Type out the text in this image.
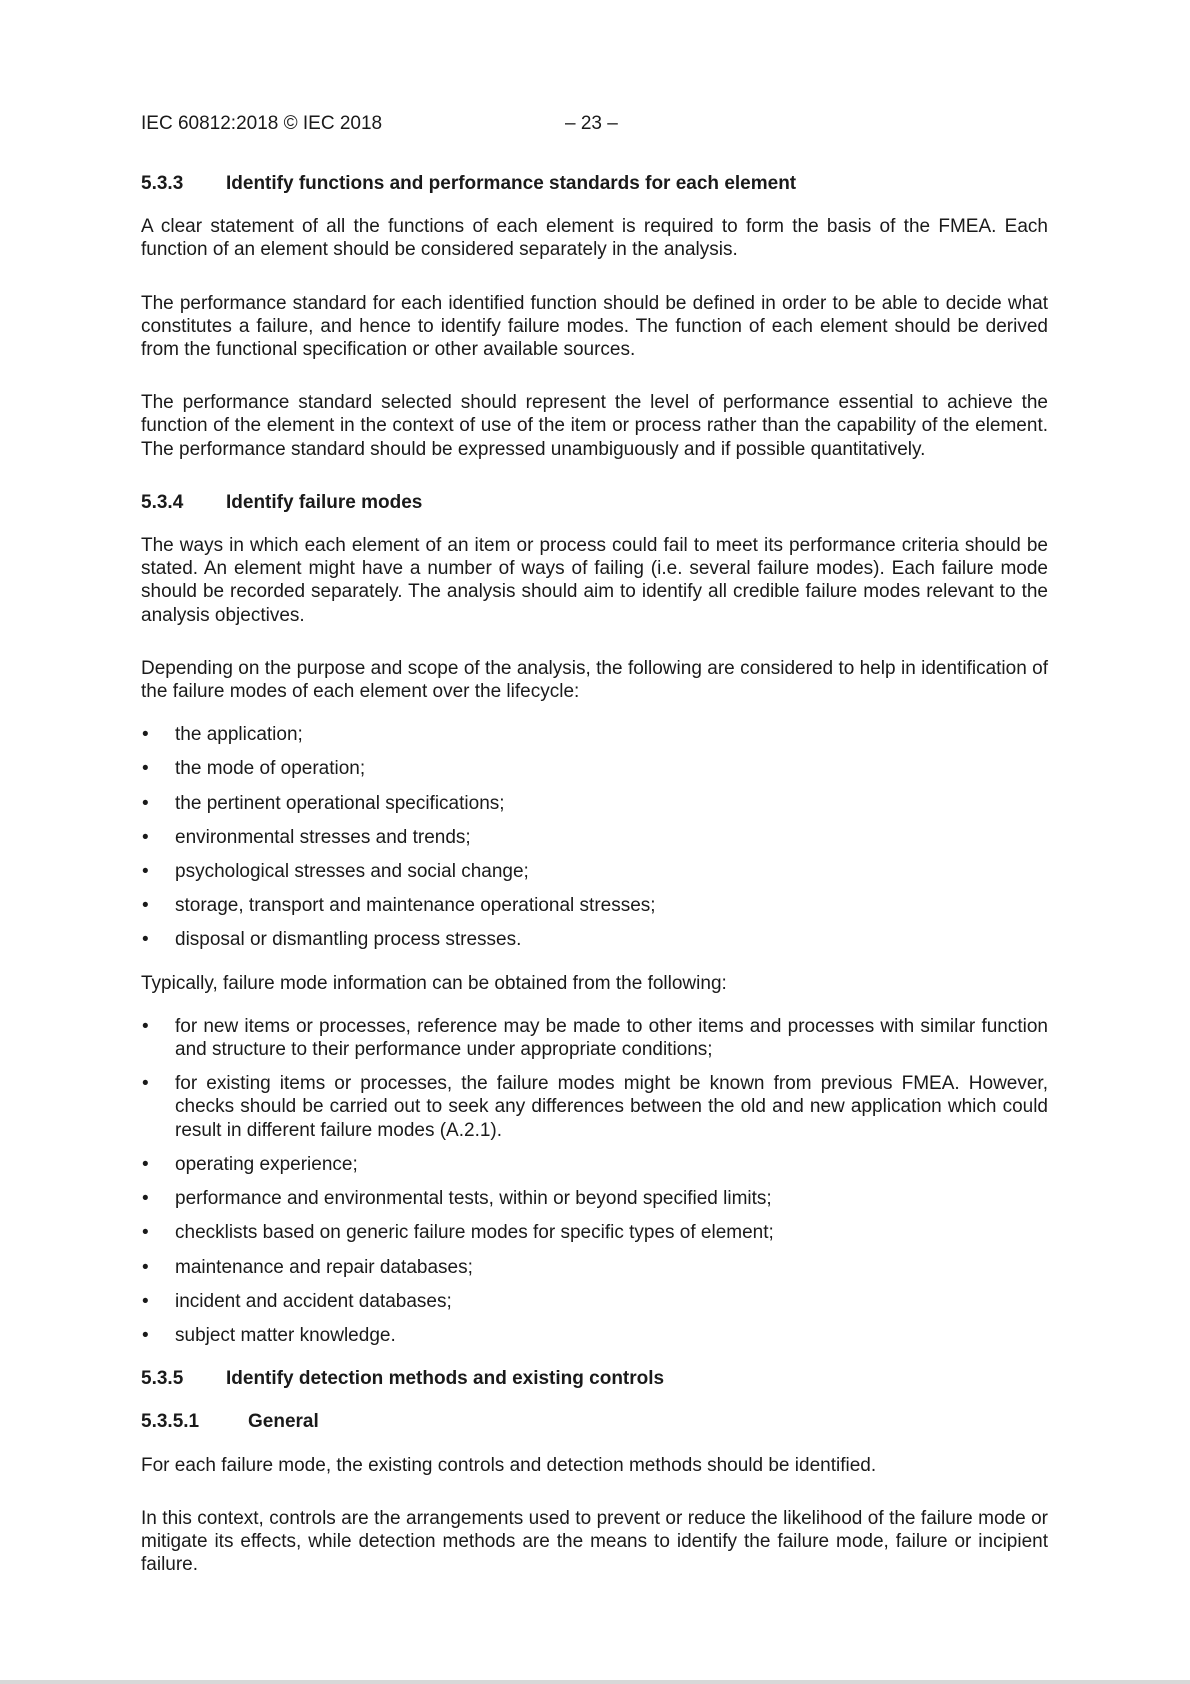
IEC 60812:2018 © IEC 2018	– 23 –
5.3.3 Identify functions and performance standards for each element

A clear statement of all the functions of each element is required to form the basis of the FMEA. Each function of an element should be considered separately in the analysis.

The performance standard for each identified function should be defined in order to be able to decide what constitutes a failure, and hence to identify failure modes. The function of each element should be derived from the functional specification or other available sources.

The performance standard selected should represent the level of performance essential to achieve the function of the element in the context of use of the item or process rather than the capability of the element. The performance standard should be expressed unambiguously and if possible quantitatively.

5.3.4 Identify failure modes

The ways in which each element of an item or process could fail to meet its performance criteria should be stated. An element might have a number of ways of failing (i.e. several failure modes). Each failure mode should be recorded separately. The analysis should aim to identify all credible failure modes relevant to the analysis objectives.

Depending on the purpose and scope of the analysis, the following are considered to help in identification of the failure modes of each element over the lifecycle:

• the application;
• the mode of operation;
• the pertinent operational specifications;
• environmental stresses and trends;
• psychological stresses and social change;
• storage, transport and maintenance operational stresses;
• disposal or dismantling process stresses.

Typically, failure mode information can be obtained from the following:

• for new items or processes, reference may be made to other items and processes with similar function and structure to their performance under appropriate conditions;
• for existing items or processes, the failure modes might be known from previous FMEA. However, checks should be carried out to seek any differences between the old and new application which could result in different failure modes (A.2.1).
• operating experience;
• performance and environmental tests, within or beyond specified limits;
• checklists based on generic failure modes for specific types of element;
• maintenance and repair databases;
• incident and accident databases;
• subject matter knowledge.
5.3.5 Identify detection methods and existing controls
5.3.5.1	General

For each failure mode, the existing controls and detection methods should be identified.

In this context, controls are the arrangements used to prevent or reduce the likelihood of the failure mode or mitigate its effects, while detection methods are the means to identify the failure mode, failure or incipient failure.
